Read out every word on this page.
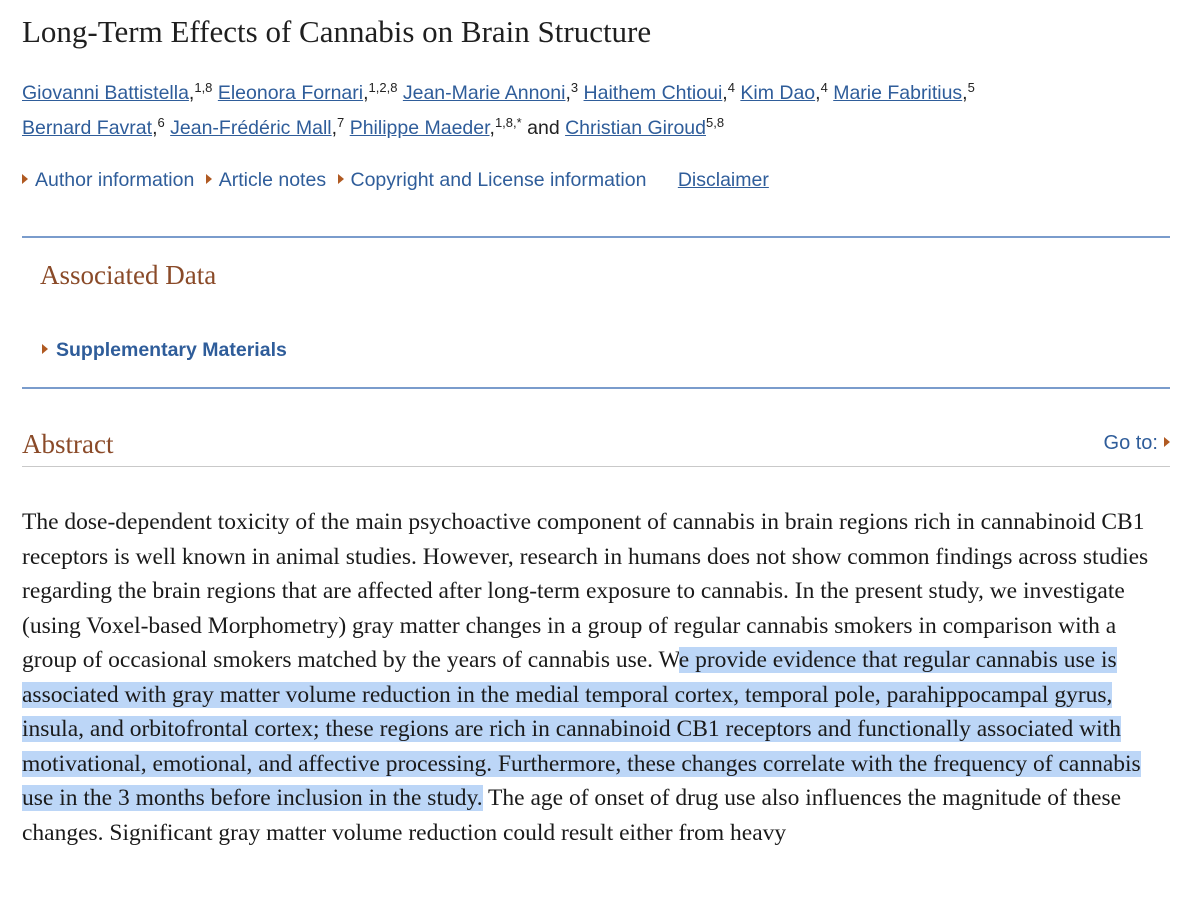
Long-Term Effects of Cannabis on Brain Structure
Giovanni Battistella,$^{1,8}$ Eleonora Fornari,$^{1,2,8}$ Jean-Marie Annoni,$^3$ Haithem Chtioui,$^4$ Kim Dao,$^4$ Marie Fabritius,$^5$
Bernard Favrat,$^6$ Jean-Frédéric Mall,$^7$ Philippe Maeder,$^{1,8,*}$ and Christian Giroud$^{5,8}$
Author information Article notes Copyright and License information Disclaimer
Associated Data
Supplementary Materials
Abstract	Go to:
The dose-dependent toxicity of the main psychoactive component of cannabis in brain regions rich in cannabinoid CB1 receptors is well known in animal studies. However, research in humans does not show common findings across studies regarding the brain regions that are affected after long-term exposure to cannabis. In the present study, we investigate (using Voxel-based Morphometry) gray matter changes in a group of regular cannabis smokers in comparison with a group of occasional smokers matched by the years of cannabis use. We provide evidence that regular cannabis use is associated with gray matter volume reduction in the medial temporal cortex, temporal pole, parahippocampal gyrus, insula, and orbitofrontal cortex; these regions are rich in cannabinoid CB1 receptors and functionally associated with motivational, emotional, and affective processing. Furthermore, these changes correlate with the frequency of cannabis use in the 3 months before inclusion in the study. The age of onset of drug use also influences the magnitude of these changes. Significant gray matter volume reduction could result either from heavy
